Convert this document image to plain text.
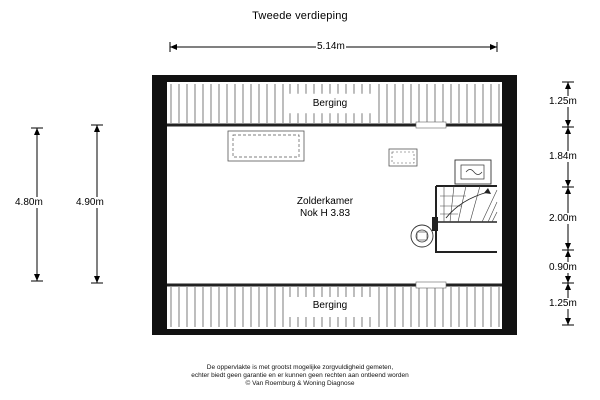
Tweede verdieping
5.14m
4.80m	4.90m
1.25m
1.84m
2.00m
0.90m
1.25m
Berging
Zolderkamer
Nok H 3.83
Berging
De oppervlakte is met grootst mogelijke zorgvuldigheid gemeten,
echter biedt geen garantie en er kunnen geen rechten aan ontleend worden
© Van Roemburg & Woning Diagnose
